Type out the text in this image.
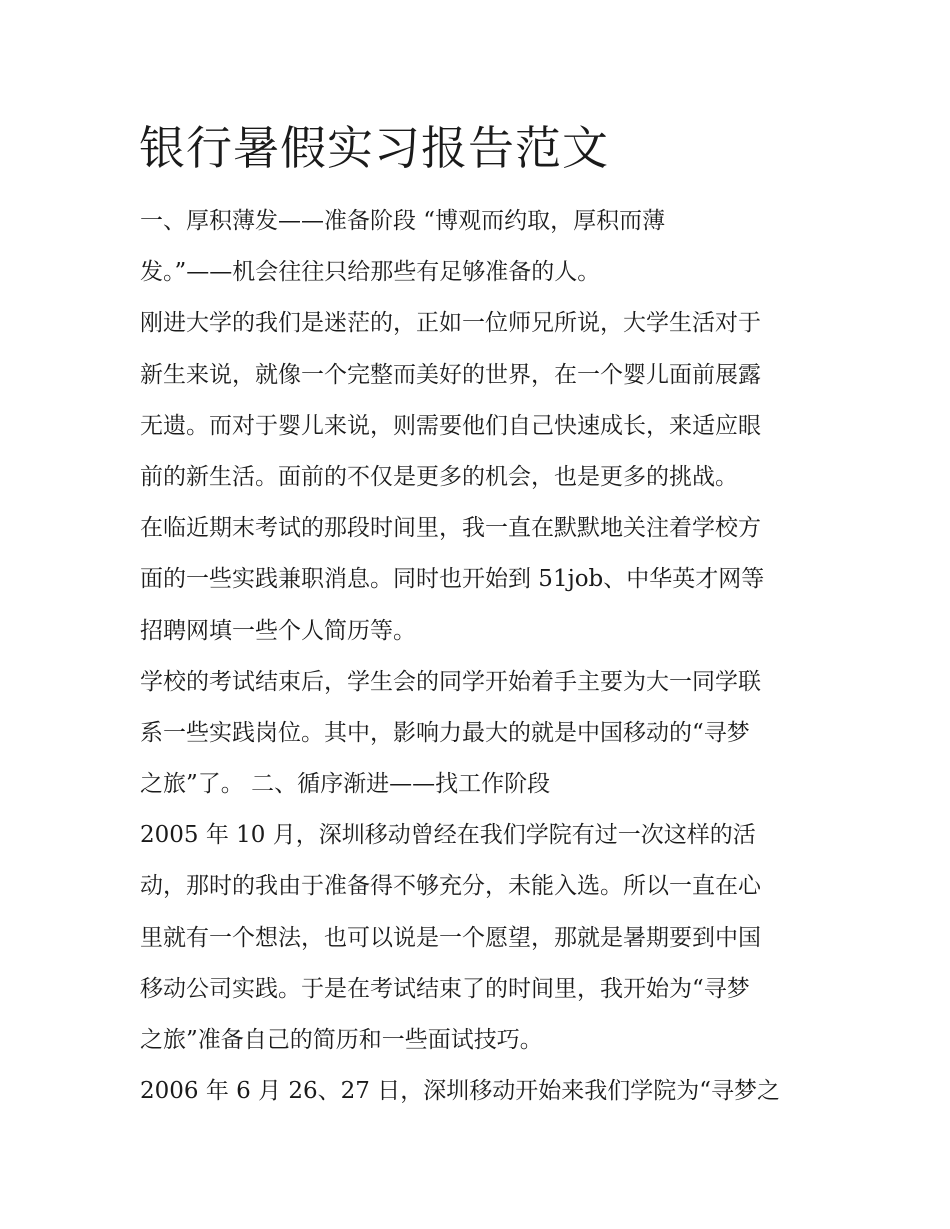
银行暑假实习报告范文
一、厚积薄发——准备阶段 “博观而约取，厚积而薄
发。”——机会往往只给那些有足够准备的人。
刚进大学的我们是迷茫的，正如一位师兄所说，大学生活对于
新生来说，就像一个完整而美好的世界，在一个婴儿面前展露
无遗。而对于婴儿来说，则需要他们自己快速成长，来适应眼
前的新生活。面前的不仅是更多的机会，也是更多的挑战。
在临近期末考试的那段时间里，我一直在默默地关注着学校方
面的一些实践兼职消息。同时也开始到 51job、中华英才网等
招聘网填一些个人简历等。
学校的考试结束后，学生会的同学开始着手主要为大一同学联
系一些实践岗位。其中，影响力最大的就是中国移动的“寻梦
之旅”了。 二、循序渐进——找工作阶段
2005 年 10 月，深圳移动曾经在我们学院有过一次这样的活
动，那时的我由于准备得不够充分，未能入选。所以一直在心
里就有一个想法，也可以说是一个愿望，那就是暑期要到中国
移动公司实践。于是在考试结束了的时间里，我开始为“寻梦
之旅”准备自己的简历和一些面试技巧。
2006 年 6 月 26、27 日，深圳移动开始来我们学院为“寻梦之
